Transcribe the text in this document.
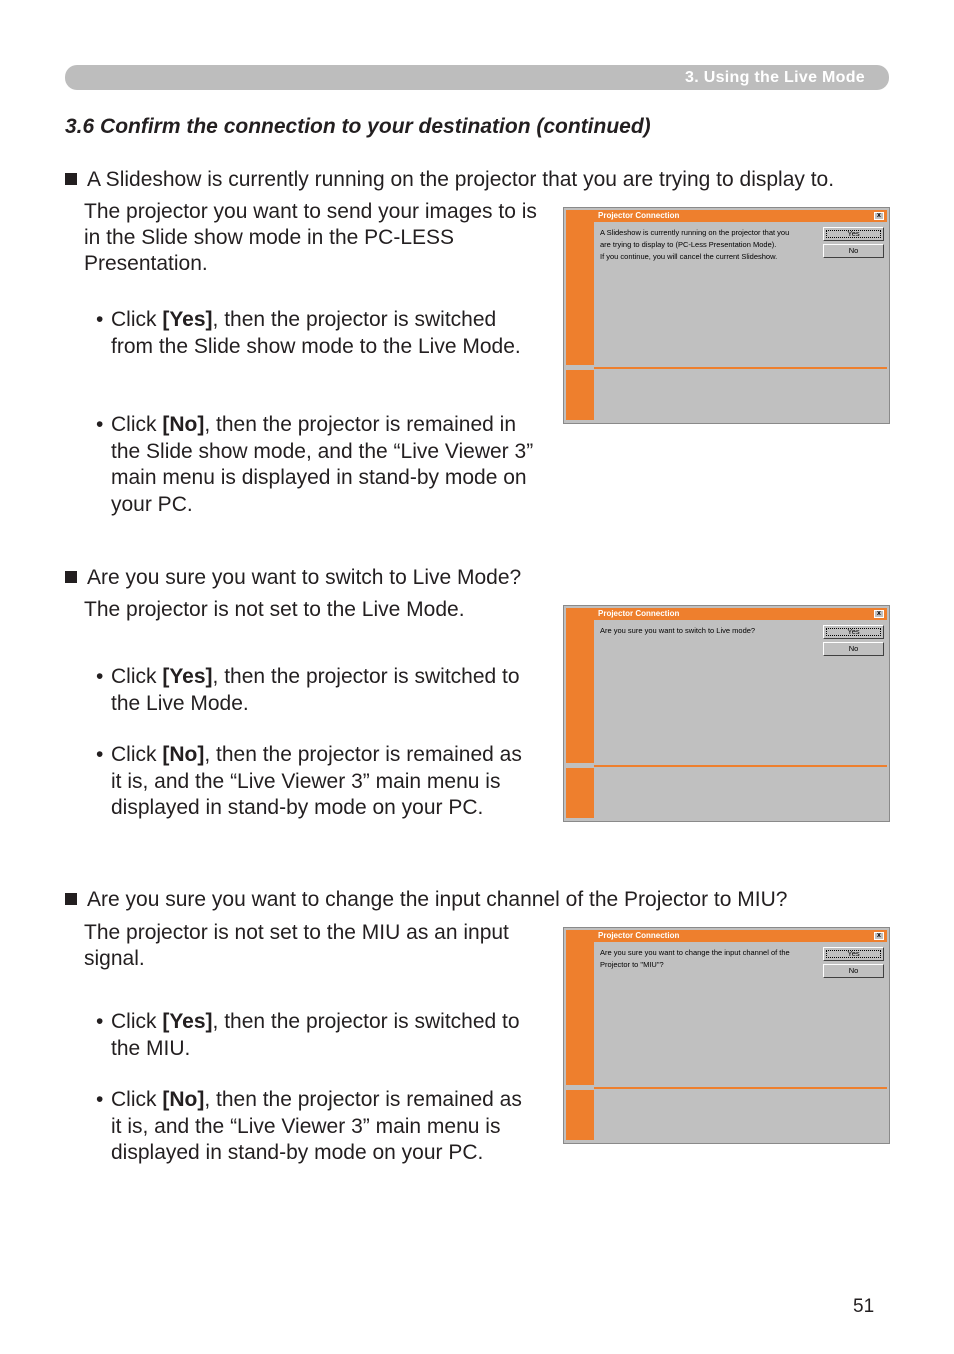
3. Using the Live Mode
3.6 Confirm the connection to your destination (continued)
A Slideshow is currently running on the projector that you are trying to display to.
The projector you want to send your images to is in the Slide show mode in the PC-LESS Presentation.
• Click [Yes], then the projector is switched from the Slide show mode to the Live Mode.
• Click [No], then the projector is remained in the Slide show mode, and the “Live Viewer 3” main menu is displayed in stand-by mode on your PC.
Projector Connection	x
A Slideshow is currently running on the projector that you
are trying to display to (PC-Less Presentation Mode).
If you continue, you will cancel the current Slideshow.
Yes
No
Are you sure you want to switch to Live Mode?
The projector is not set to the Live Mode.
• Click [Yes], then the projector is switched to the Live Mode.
• Click [No], then the projector is remained as it is, and the “Live Viewer 3” main menu is displayed in stand-by mode on your PC.
Projector Connection	x
Are you sure you want to switch to Live mode?	Yes
No
Are you sure you want to change the input channel of the Projector to MIU?
The projector is not set to the MIU as an input signal.
• Click [Yes], then the projector is switched to the MIU.
• Click [No], then the projector is remained as it is, and the “Live Viewer 3” main menu is displayed in stand-by mode on your PC.
Projector Connection	x
Are you sure you want to change the input channel of the
Projector to "MIU"?
Yes
No
51
